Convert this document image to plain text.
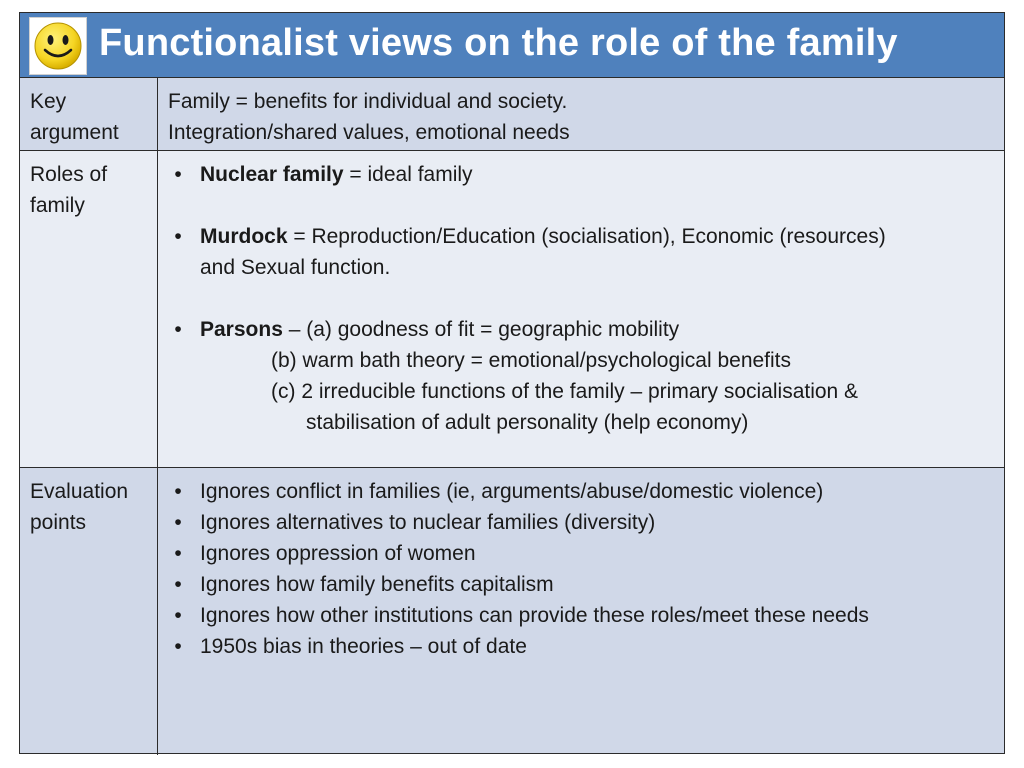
Functionalist views on the role of the family
Key argument
Family = benefits for individual and society.
Integration/shared values, emotional needs
Roles of family
• Nuclear family = ideal family
• Murdock = Reproduction/Education (socialisation), Economic (resources)
and Sexual function.
• Parsons – (a) goodness of fit = geographic mobility
(b) warm bath theory = emotional/psychological benefits
(c) 2 irreducible functions of the family – primary socialisation &
stabilisation of adult personality (help economy)
Evaluation points
• Ignores conflict in families (ie, arguments/abuse/domestic violence)
• Ignores alternatives to nuclear families (diversity)
• Ignores oppression of women
• Ignores how family benefits capitalism
• Ignores how other institutions can provide these roles/meet these needs
• 1950s bias in theories – out of date
